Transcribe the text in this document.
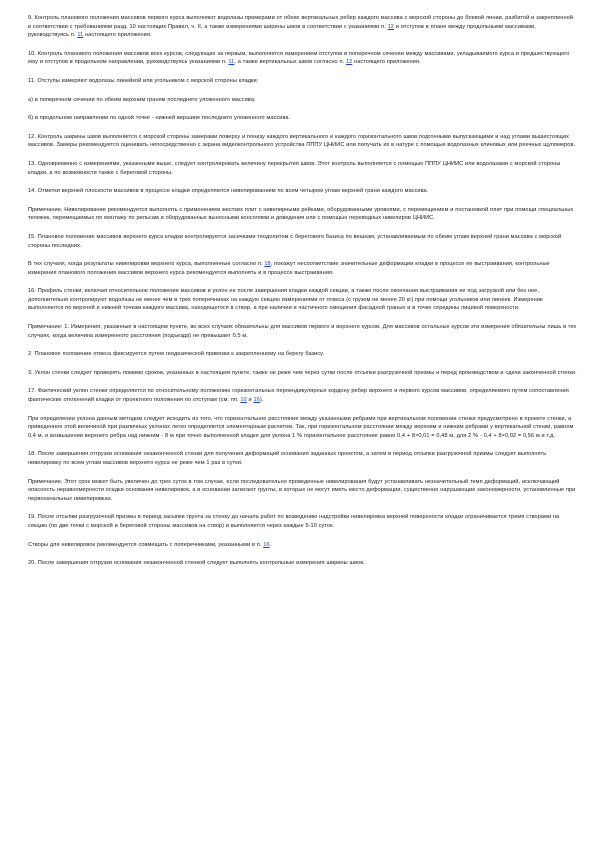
9. Контроль планового положения массивов первого курса выполняют водолазы промерами от обеих вертикальных ребер каждого массива с морской стороны до боевой линии, разбитой и закрепленной в соответствии с требованиями разд. 10 настоящих Правил, ч. II, а также измерениями ширины швов в соответствии с указаниями п. 12 и отступов в плане между продольными массивами, руководствуясь п. 11 настоящего приложения.

10. Контроль планового положения массивов всех курсов, следующих за первым, выполняется измерением отступов в поперечном сечении между массивами, укладываемого курса и предшествующего ему и отступов в продольном направлении, руководствуясь указаниями п. 11, а также вертикальных швов согласно п. 12 настоящего приложения.

11. Отступы измеряют водолазы линейкой или угольником с морской стороны кладки:

а) в поперечном сечении по обеим верхним граням последнего уложенного массива;

б) в продольном направлении по одной точке - нижней вершине последнего уложенного массива.

12. Контроль ширины швов выполняется с морской стороны замерами поверху и понизу каждого вертикального и каждого горизонтального швов подгонными выпускающими и над углами вышестоящих массивов. Замеры рекомендуется оценивать непосредственно с экрана видеоконтрольного устройства ПППУ ЦНИИС или получать их в натуре с помощью водолазных клиновых или реечных щупомеров.

13. Одновременно с измерениями, указанными выше, следует контролировать величину перекрытия швов. Этот контроль выполняется с помощью ПППУ ЦНИИС или водолазами с морской стороны кладки, а по возможности также с береговой стороны.

14. Отметки верхней плоскости массивов в процессе кладки определяются нивелированием по всем четырем углам верхней грани каждого массива.

Примечание. Нивелирование рекомендуется выполнять с применением жестких плит с нивелирными рейками, оборудованными уровнями, с перемещением и постановкой плит при помощи специальных тележек, перемещаемых по монтажу по рельсам и оборудованных выносными консолями и доведения или с помощью переводных нивелиров ЦНИИС.

15. Плановое положение массивов верхнего курса кладки контролируется засечками теодолитом с берегового базиса по вешкам, устанавливаемым по обеим углам верхней грани массива с морской стороны последних.

В тех случаях, когда результаты нивелировки верхнего курса, выполненные согласно п. 18, покажут несоответствие значительные деформации кладки в процессе ее выстраивания, контрольные измерения планового положения массивов верхнего курса рекомендуется выполнять и в процессе выстраивания.

16. Профиль стенки, включая относительное положение массивов и уклон ее после завершения кладки каждой секции, а также после окончания выстраивания ее под загрузкой или без нее, дополнительно контролируют водолазы не менее чем в трех поперечниках на каждую секцию измерениями от отвеса (с грузом не менее 20 кг) при помощи угольников или линеек. Измерение выполняются по верхней и нижней точкам каждого массива, находящегося в створ, а при наличии и частичного смещения фасадной гранью и в точке середины лицевой поверхности.

Примечание: 1. Измерения, указанные в настоящем пункте, во всех случаях обязательны для массивов первого и верхнего курсов. Для массивов остальных курсов эти измерения обязательны лишь в тех случаях, когда величина измеренного расстояния (подъезда) не превышает 0,5 м.

2. Плановое положение отвеса фиксируется путем геодезической привязки к закрепленному на берегу базису.

3. Уклон стенки следует проверять помимо сроков, указанных в настоящем пункте, также не реже чем через сутки после отсыпки разгрузочной призмы и перед производством и сдачи законченной стенки.

17. Фактический уклон стенки определяется по относительному положению горизонтальных перпендикулярных кордону ребер верхнего и первого курсов массивов, определяемого путем сопоставления фактических отклонений кладки от проектного положения по отступам (см. пп. 10 и 16).

При определении уклона данным методом следует исходить из того, что горизонтальное расстояние между указанными ребрами при вертикальном положении стенки предусмотрено в проекте стенки, а приведенное этой величиной при различных уклонах легко определяется элементарным расчетом. Так, при горизонтальном расстоянии между верхним и нижним ребрами у вертикальной стенки, равном 0,4 м, и возвышении верхнего ребра над нижним - 8 м при точно выполненной кладке для уклона 1 % горизонтальное расстояние равно 0,4 + 8×0,01 = 0,48 м, для 2 % - 0,4 + 8×0,02 = 0,56 м и т.д.

18. После завершения отгрузки основания незаконченной стенки для получения деформаций основания заданных проектом, а затем в период отсыпки разгрузочной призмы следует выполнять нивелировку по всем углам массивов верхнего курса не реже чем 1 раз в сутки.

Примечание. Этот срок может быть увеличен до трех суток в том случае, если последовательно проведенные нивелирования будут устанавливать незначительный темп деформаций, исключающий опасность неравномерности осадки основания нивелировок, а в основании залегают грунты, в которых не могут иметь место деформации, существенно нарушающие закономерности, установленные при первоначальных нивелировках.

19. После отсыпки разгрузочной призмы в период засыпки грунта за стенку до начала работ по возведению надстройки нивелировка верхней поверхности кладки ограничивается тремя створами на секцию (по две точки с морской и береговой стороны массивов на створ) и выполняется через каждые 5-10 суток.

Створы для нивелировок рекомендуется совмещать с поперечниками, указанными в п. 16.

20. После завершения отгрузки основания незаконченной стенкой следует выполнять контрольные измерения ширины швов.
